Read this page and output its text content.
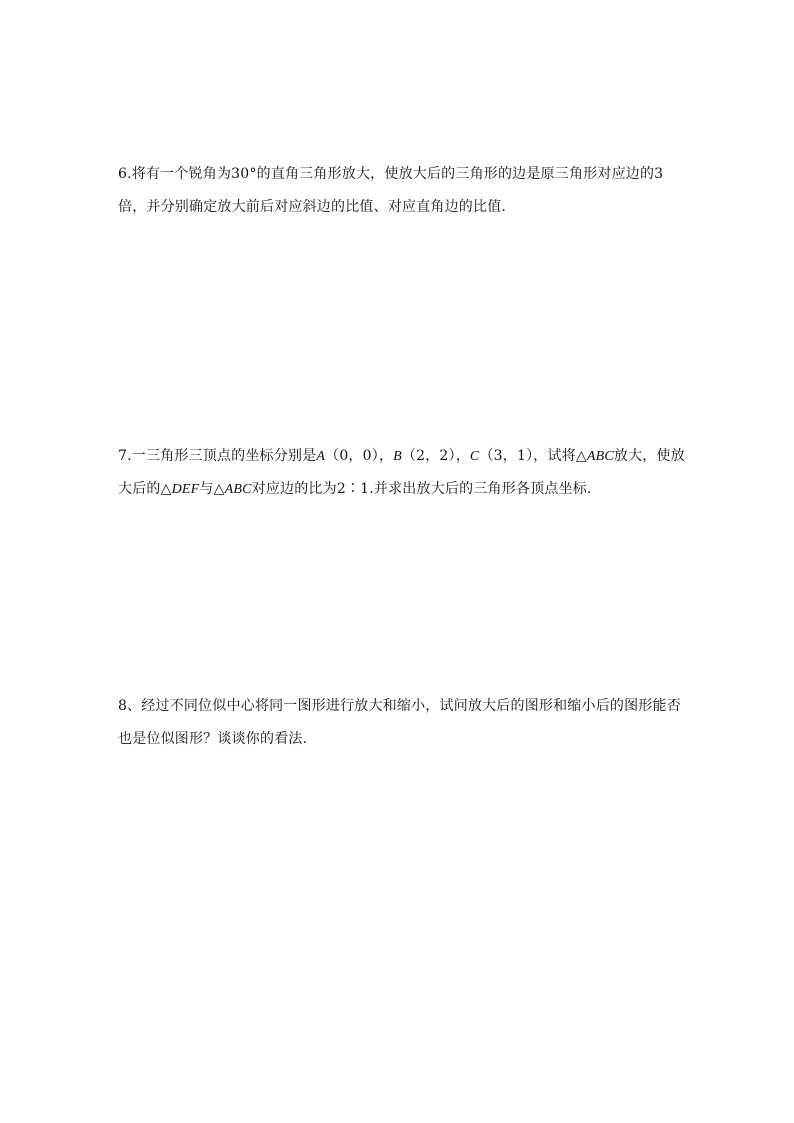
6.将有一个锐角为30°的直角三角形放大，使放大后的三角形的边是原三角形对应边的3
倍，并分别确定放大前后对应斜边的比值、对应直角边的比值.
7.一三角形三顶点的坐标分别是A（0，0），B（2，2），C（3，1），试将△ABC放大，使放
大后的△DEF与△ABC对应边的比为2∶1.并求出放大后的三角形各顶点坐标.
8、经过不同位似中心将同一图形进行放大和缩小，试问放大后的图形和缩小后的图形能否
也是位似图形？谈谈你的看法.
